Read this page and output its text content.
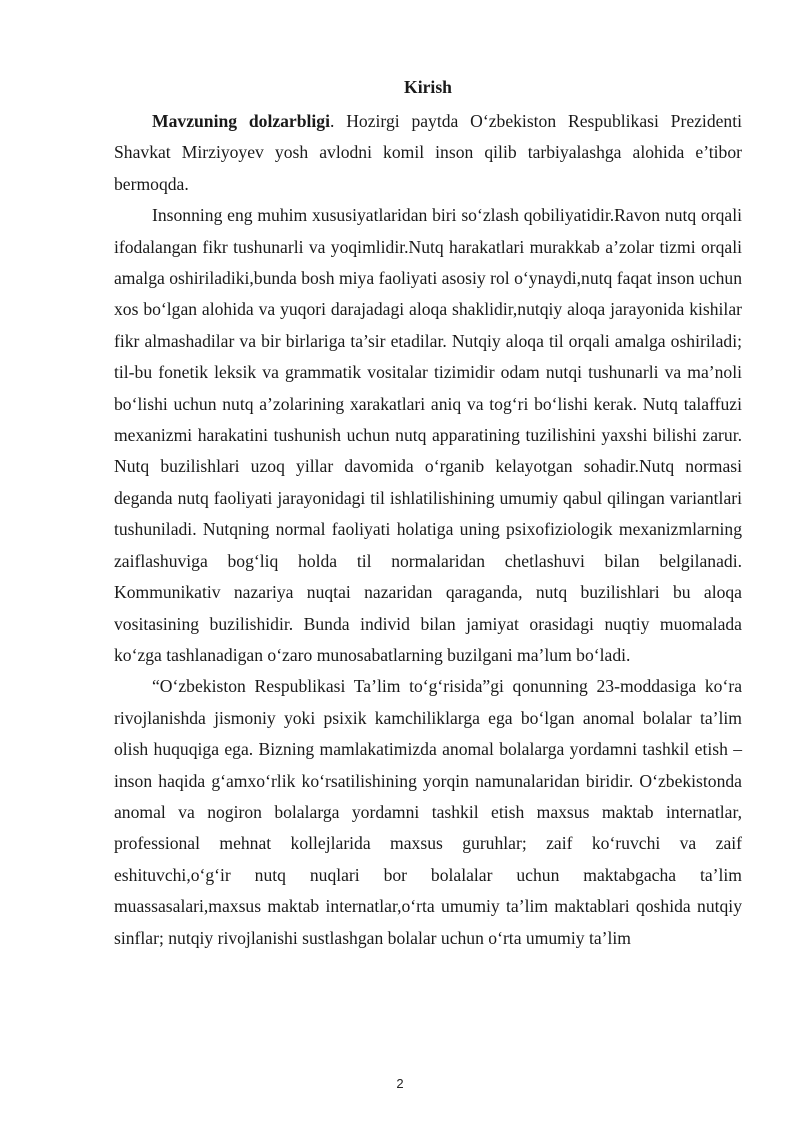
Kirish

Mavzuning dolzarbligi. Hozirgi paytda O‘zbekiston Respublikasi Prezidenti Shavkat Mirziyoyev yosh avlodni komil inson qilib tarbiyalashga alohida e’tibor bermoqda.

Insonning eng muhim xususiyatlaridan biri so‘zlash qobiliyatidir.Ravon nutq orqali ifodalangan fikr tushunarli va yoqimlidir.Nutq harakatlari murakkab a’zolar tizmi orqali amalga oshiriladiki,bunda bosh miya faoliyati asosiy rol o‘ynaydi,nutq faqat inson uchun xos bo‘lgan alohida va yuqori darajadagi aloqa shaklidir,nutqiy aloqa jarayonida kishilar fikr almashadilar va bir birlariga ta’sir etadilar. Nutqiy aloqa til orqali amalga oshiriladi; til-bu fonetik leksik va grammatik vositalar tizimidir odam nutqi tushunarli va ma’noli bo‘lishi uchun nutq a’zolarining xarakatlari aniq va tog‘ri bo‘lishi kerak. Nutq talaffuzi mexanizmi harakatini tushunish uchun nutq apparatining tuzilishini yaxshi bilishi zarur. Nutq buzilishlari uzoq yillar davomida o‘rganib kelayotgan sohadir.Nutq normasi deganda nutq faoliyati jarayonidagi til ishlatilishining umumiy qabul qilingan variantlari tushuniladi. Nutqning normal faoliyati holatiga uning psixofiziologik mexanizmlarning zaiflashuviga bog‘liq holda til normalaridan chetlashuvi bilan belgilanadi. Kommunikativ nazariya nuqtai nazaridan qaraganda, nutq buzilishlari bu aloqa vositasining buzilishidir. Bunda individ bilan jamiyat orasidagi nuqtiy muomalada ko‘zga tashlanadigan o‘zaro munosabatlarning buzilgani ma’lum bo‘ladi.

“O‘zbekiston Respublikasi Ta’lim to‘g‘risida”gi qonunning 23-moddasiga ko‘ra rivojlanishda jismoniy yoki psixik kamchiliklarga ega bo‘lgan anomal bolalar ta’lim olish huquqiga ega. Bizning mamlakatimizda anomal bolalarga yordamni tashkil etish – inson haqida g‘amxo‘rlik ko‘rsatilishining yorqin namunalaridan biridir. O‘zbekistonda anomal va nogiron bolalarga yordamni tashkil etish maxsus maktab internatlar, professional mehnat kollejlarida maxsus guruhlar; zaif ko‘ruvchi va zaif eshituvchi,o‘g‘ir nutq nuqlari bor bolalalar uchun maktabgacha ta’lim muassasalari,maxsus maktab internatlar,o‘rta umumiy ta’lim maktablari qoshida nutqiy sinflar; nutqiy rivojlanishi sustlashgan bolalar uchun o‘rta umumiy ta’lim

2
